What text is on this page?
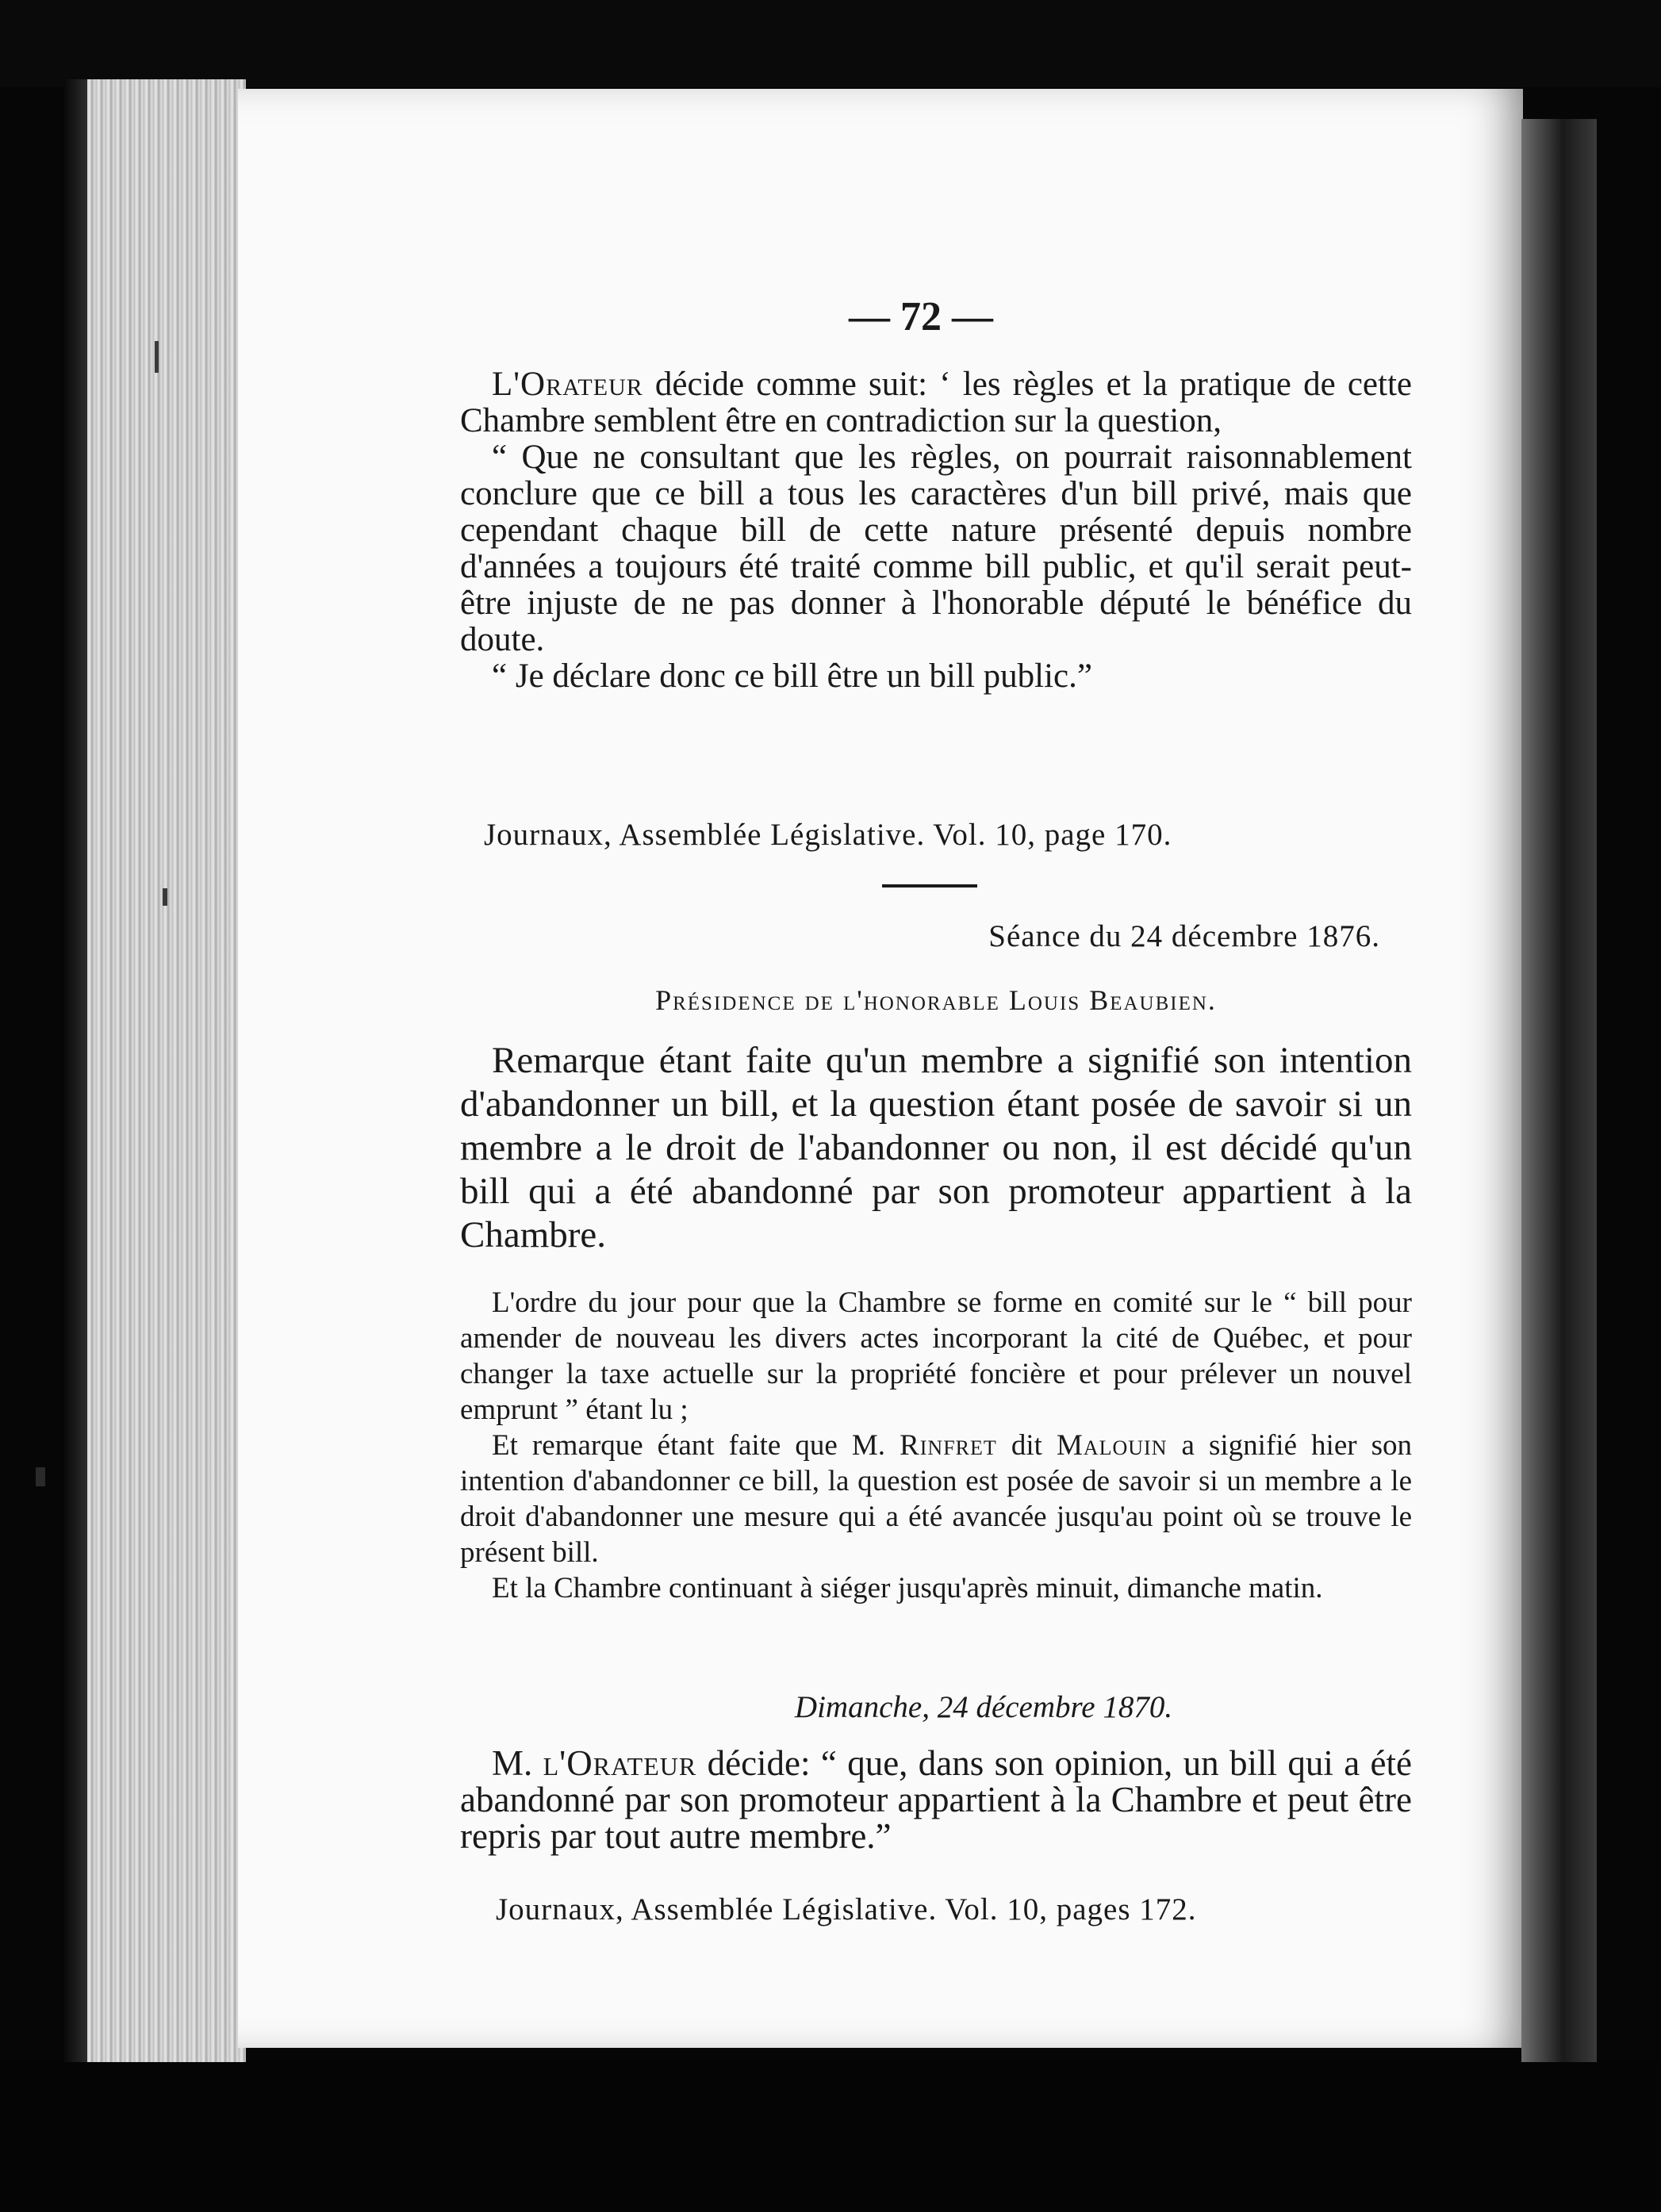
— 72 —

L'Orateur décide comme suit: ‘ les règles et la pratique de cette Chambre semblent être en contradiction sur la question,

“ Que ne consultant que les règles, on pourrait raisonnablement conclure que ce bill a tous les caractères d'un bill privé, mais que cependant chaque bill de cette nature présenté depuis nombre d'années a toujours été traité comme bill public, et qu'il serait peut-être injuste de ne pas donner à l'honorable député le bénéfice du doute.

“ Je déclare donc ce bill être un bill public.”

Journaux, Assemblée Législative. Vol. 10, page 170.
Séance du 24 décembre 1876.
Présidence de l'honorable Louis Beaubien.

Remarque étant faite qu'un membre a signifié son intention d'abandonner un bill, et la question étant posée de savoir si un membre a le droit de l'abandonner ou non, il est décidé qu'un bill qui a été abandonné par son promoteur appartient à la Chambre.

L'ordre du jour pour que la Chambre se forme en comité sur le “ bill pour amender de nouveau les divers actes incorporant la cité de Québec, et pour changer la taxe actuelle sur la propriété foncière et pour prélever un nouvel emprunt ” étant lu ;

Et remarque étant faite que M. Rinfret dit Malouin a signifié hier son intention d'abandonner ce bill, la question est posée de savoir si un membre a le droit d'abandonner une mesure qui a été avancée jusqu'au point où se trouve le présent bill.

Et la Chambre continuant à siéger jusqu'après minuit, dimanche matin.

Dimanche, 24 décembre 1870.

M. l'Orateur décide: “ que, dans son opinion, un bill qui a été abandonné par son promoteur appartient à la Chambre et peut être repris par tout autre membre.”

Journaux, Assemblée Législative. Vol. 10, pages 172.
